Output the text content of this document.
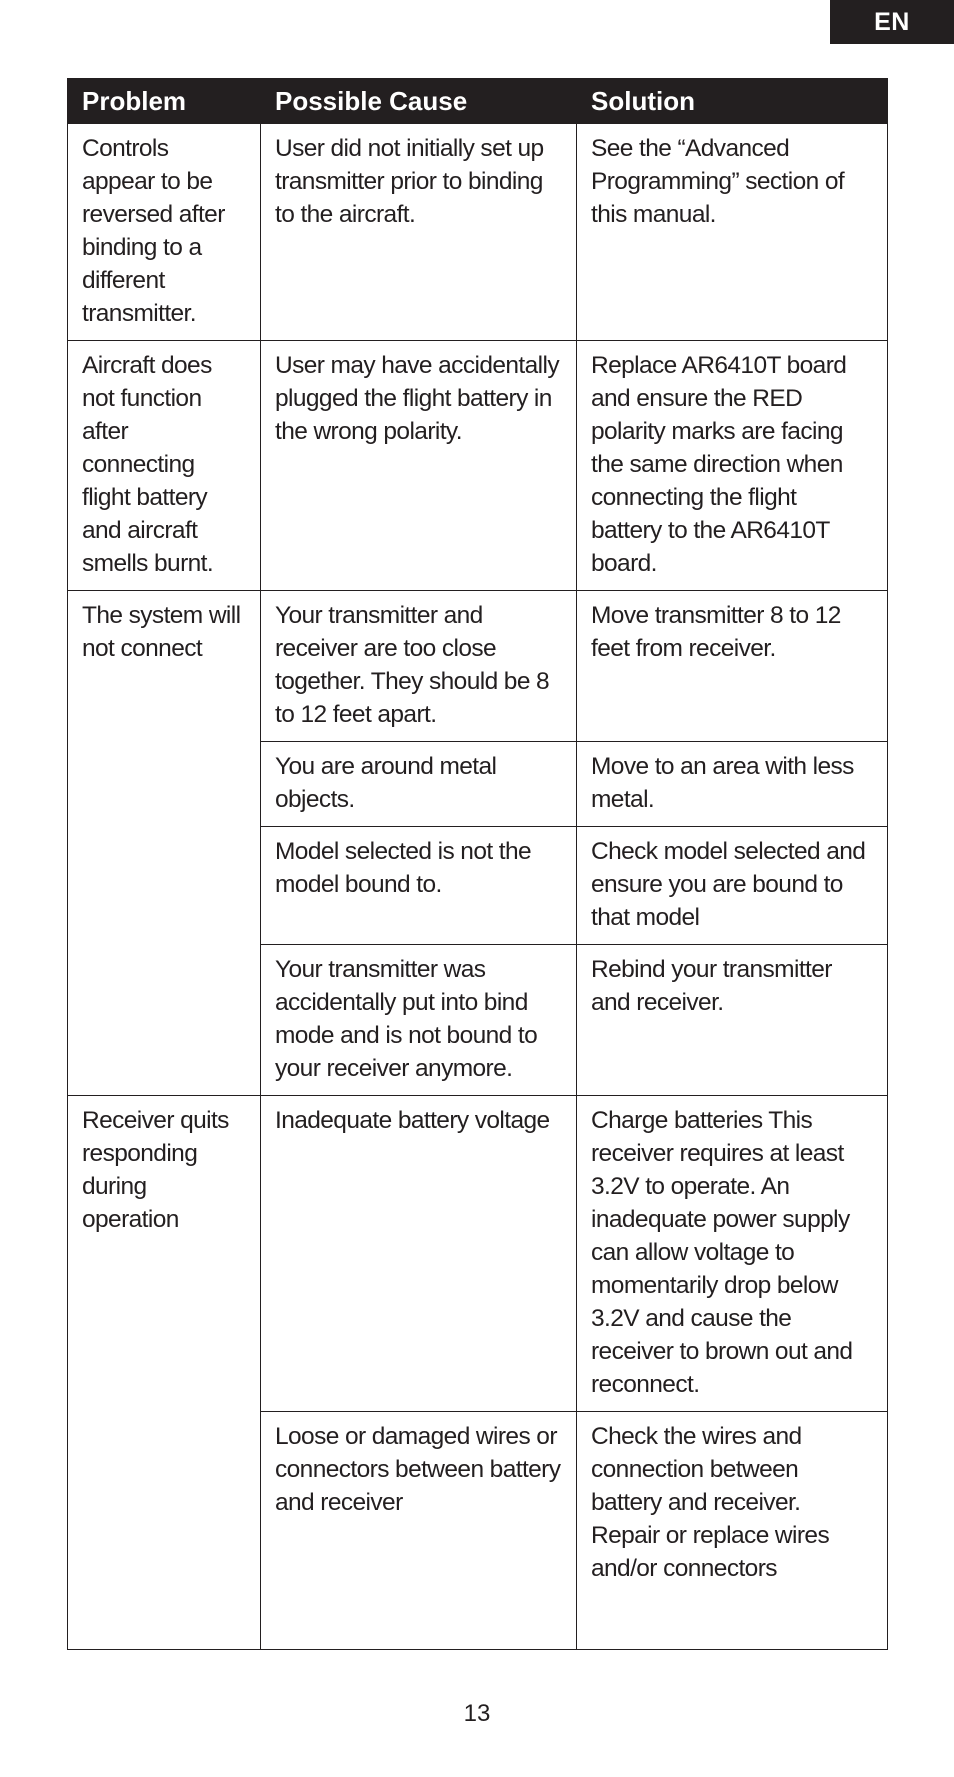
EN
Problem	Possible Cause	Solution
Controls appear to be reversed after binding to a different transmitter.	User did not initially set up transmitter prior to binding to the aircraft.	See the “Advanced Programming” section of this manual.
Aircraft does not function after connecting flight battery and aircraft smells burnt.	User may have accidentally plugged the flight battery in the wrong polarity.	Replace AR6410T board and ensure the RED polarity marks are facing the same direction when connecting the flight battery to the AR6410T board.
The system will not connect	Your transmitter and receiver are too close together. They should be 8 to 12 feet apart.	Move transmitter 8 to 12 feet from receiver.
	You are around metal objects.	Move to an area with less metal.
	Model selected is not the model bound to.	Check model selected and ensure you are bound to that model
	Your transmitter was accidentally put into bind mode and is not bound to your receiver anymore.	Rebind your transmitter and receiver.
Receiver quits responding during operation	Inadequate battery voltage	Charge batteries This receiver requires at least 3.2V to operate. An inadequate power supply can allow voltage to momentarily drop below 3.2V and cause the receiver to brown out and reconnect.
	Loose or damaged wires or connectors between battery and receiver	Check the wires and connection between battery and receiver. Repair or replace wires and/or connectors
13
